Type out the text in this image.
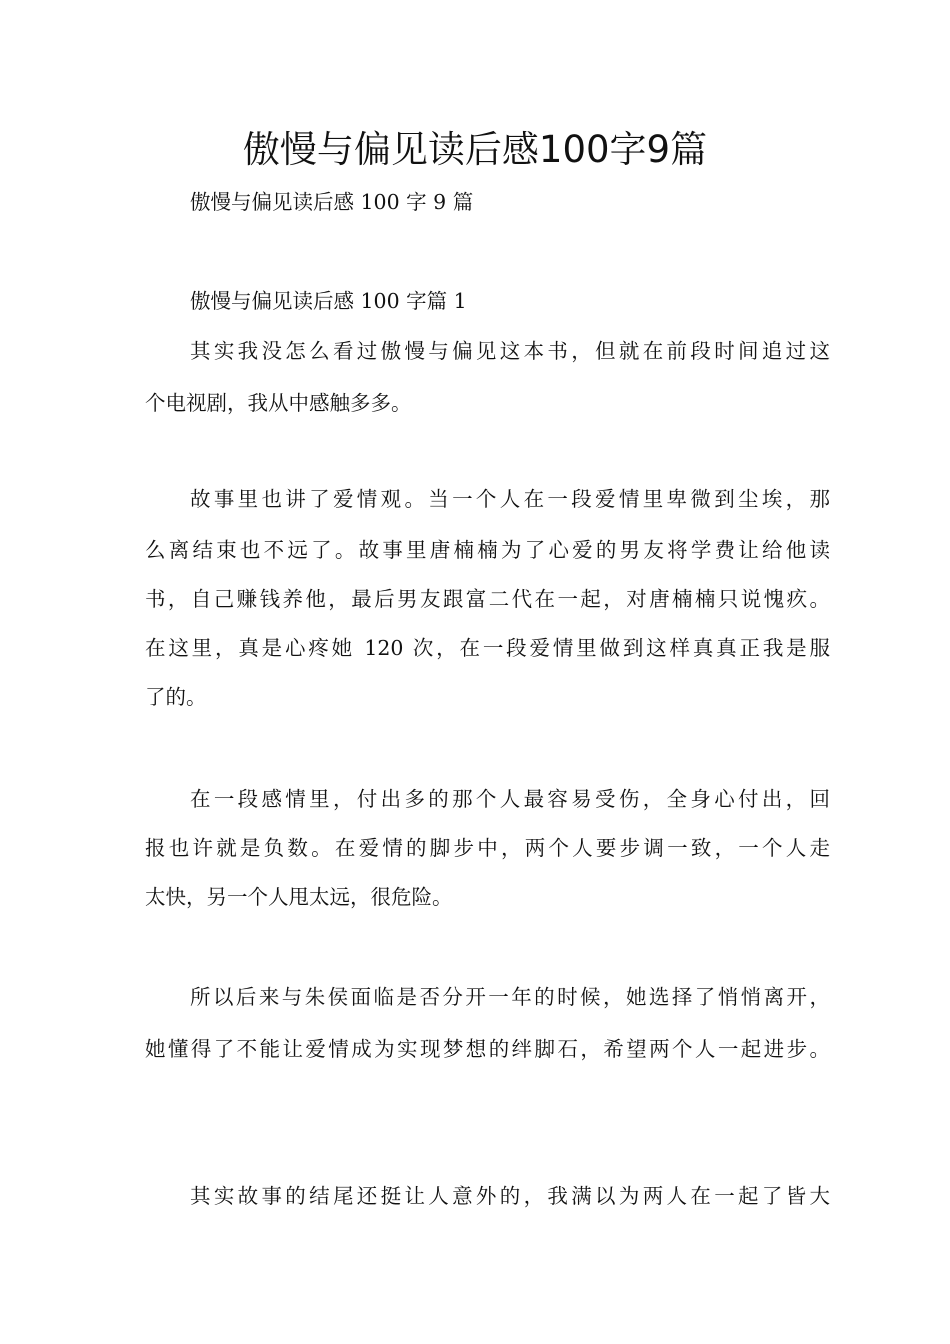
傲慢与偏见读后感100字9篇
傲慢与偏见读后感 100 字 9 篇
傲慢与偏见读后感 100 字篇 1
其实我没怎么看过傲慢与偏见这本书，但就在前段时间追过这
个电视剧，我从中感触多多。
故事里也讲了爱情观。当一个人在一段爱情里卑微到尘埃，那
么离结束也不远了。故事里唐楠楠为了心爱的男友将学费让给他读
书，自己赚钱养他，最后男友跟富二代在一起，对唐楠楠只说愧疚。
在这里，真是心疼她 120 次，在一段爱情里做到这样真真正我是服
了的。
在一段感情里，付出多的那个人最容易受伤，全身心付出，回
报也许就是负数。在爱情的脚步中，两个人要步调一致，一个人走
太快，另一个人甩太远，很危险。
所以后来与朱侯面临是否分开一年的时候，她选择了悄悄离开，
她懂得了不能让爱情成为实现梦想的绊脚石，希望两个人一起进步。
其实故事的结尾还挺让人意外的，我满以为两人在一起了皆大
